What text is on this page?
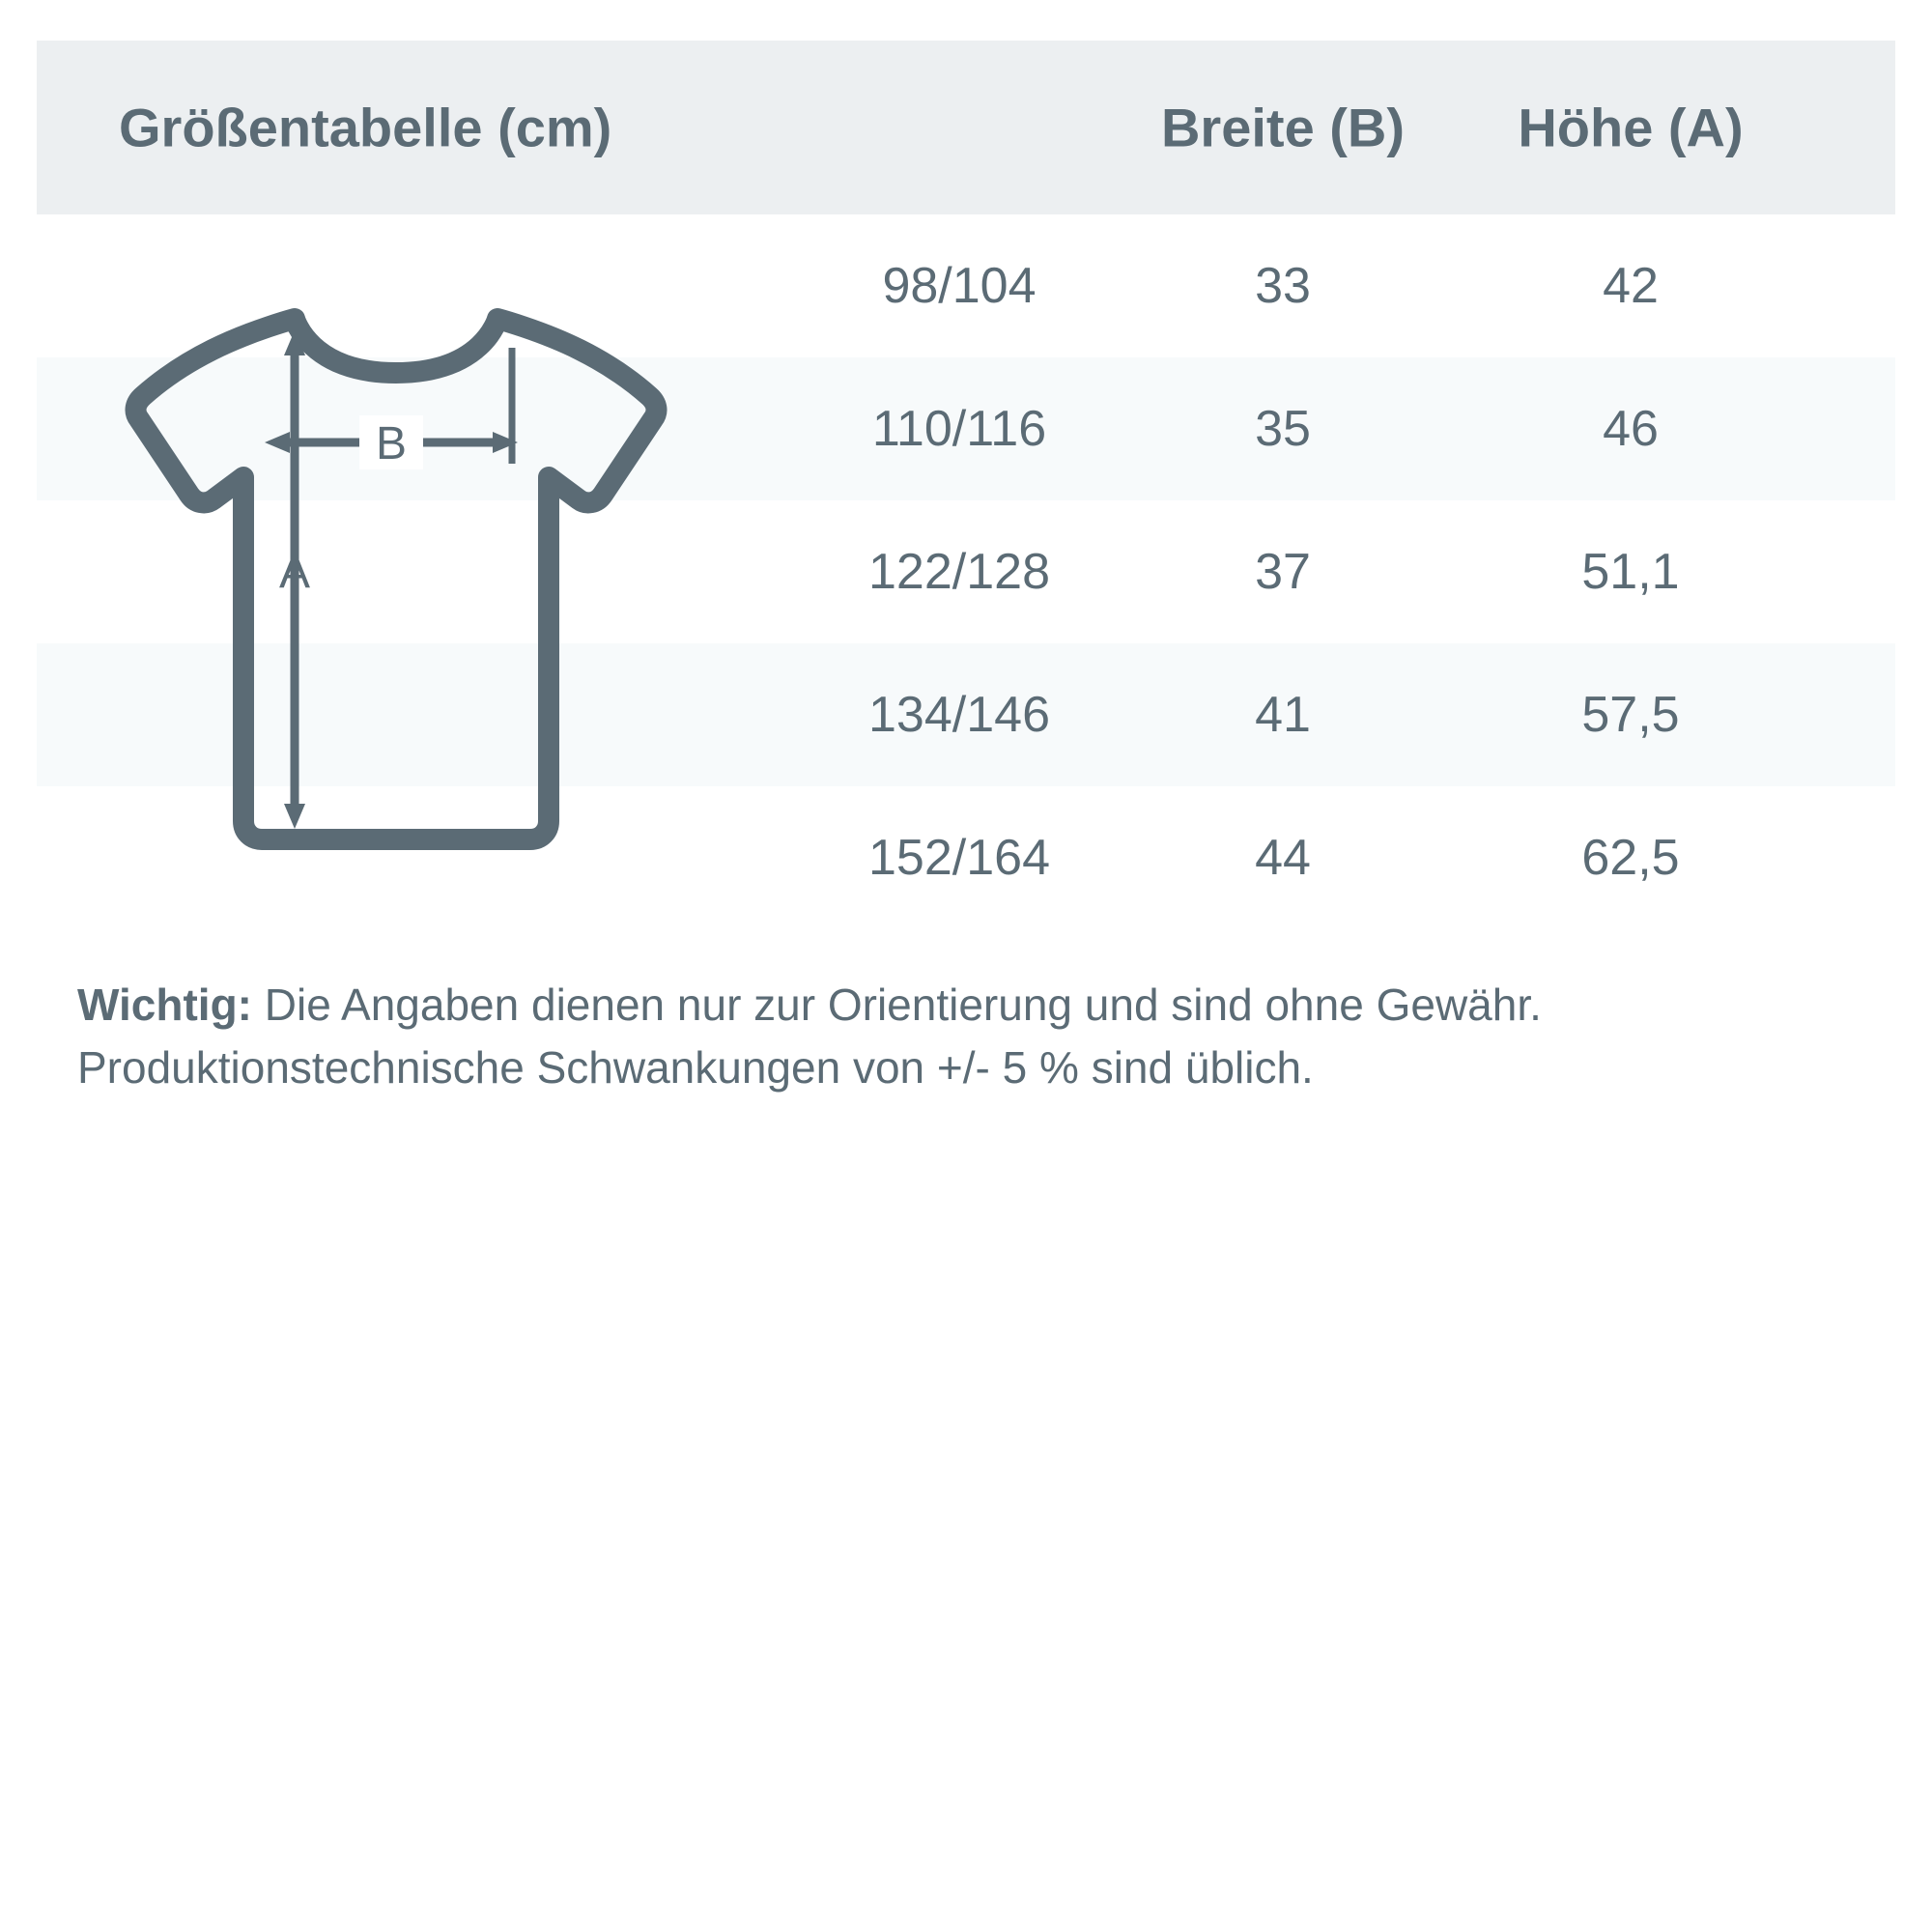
Größentabelle (cm)	Breite (B)	Höhe (A)
98/104	33	42
110/116	35	46
122/128	37	51,1
134/146	41	57,5
152/164	44	62,5
A
B
Wichtig: Die Angaben dienen nur zur Orientierung und sind ohne Gewähr. Produktionstechnische Schwankungen von +/- 5 % sind üblich.
